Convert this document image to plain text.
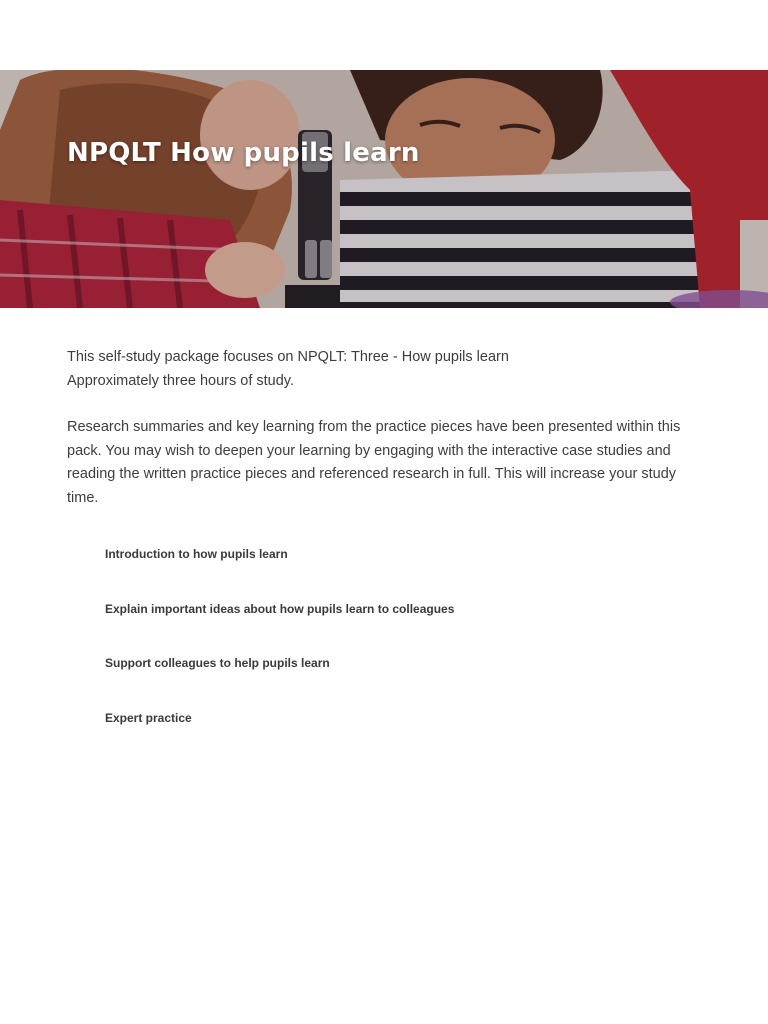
NPQLT How pupils learn

This self-study package focuses on NPQLT: Three - How pupils learn

Approximately three hours of study.

Research summaries and key learning from the practice pieces have been presented within this pack. You may wish to deepen your learning by engaging with the interactive case studies and reading the written practice pieces and referenced research in full. This will increase your study time.

Introduction to how pupils learn
Explain important ideas about how pupils learn to colleagues
Support colleagues to help pupils learn
Expert practice
